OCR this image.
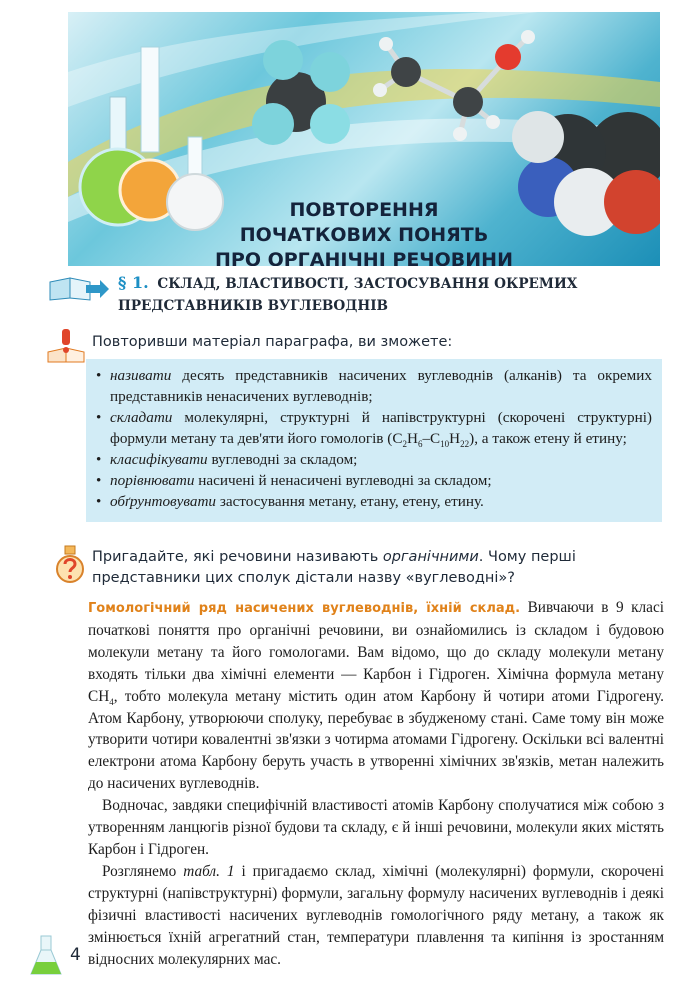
ПОВТОРЕННЯ
ПОЧАТКОВИХ ПОНЯТЬ
ПРО ОРГАНІЧНІ РЕЧОВИНИ
§ 1. СКЛАД, ВЛАСТИВОСТІ, ЗАСТОСУВАННЯ ОКРЕМИХ ПРЕДСТАВНИКІВ ВУГЛЕВОДНІВ
Повторивши матеріал параграфа, ви зможете:
• називати десять представників насичених вуглеводнів (алканів) та окремих представників ненасичених вуглеводнів;
• складати молекулярні, структурні й напівструктурні (скорочені структурні) формули метану та дев'яти його гомологів $(C_2H_6-C_{10}H_{22})$, а також етену й етину;
• класифікувати вуглеводні за складом;
• порівнювати насичені й ненасичені вуглеводні за складом;
• обґрунтовувати застосування метану, етану, етену, етину.
Пригадайте, які речовини називають органічними. Чому перші представники цих сполук дістали назву «вуглеводні»?

Гомологічний ряд насичених вуглеводнів, їхній склад. Вивчаючи в 9 класі початкові поняття про органічні речовини, ви ознайомились із складом і будовою молекули метану та його гомологами. Вам відомо, що до складу молекули метану входять тільки два хімічні елементи — Карбон і Гідроген. Хімічна формула метану $CH_4$, тобто молекула метану містить один атом Карбону й чотири атоми Гідрогену. Атом Карбону, утворюючи сполуку, перебуває в збудженому стані. Саме тому він може утворити чотири ковалентні зв'язки з чотирма атомами Гідрогену. Оскільки всі валентні електрони атома Карбону беруть участь в утворенні хімічних зв'язків, метан належить до насичених вуглеводнів.

Водночас, завдяки специфічній властивості атомів Карбону сполучатися між собою з утворенням ланцюгів різної будови та складу, є й інші речовини, молекули яких містять Карбон і Гідроген.

Розглянемо табл. 1 і пригадаємо склад, хімічні (молекулярні) формули, скорочені структурні (напівструктурні) формули, загальну формулу насичених вуглеводнів і деякі фізичні властивості насичених вуглеводнів гомологічного ряду метану, а також як змінюється їхній агрегатний стан, температури плавлення та кипіння із зростанням відносних молекулярних мас.

4
